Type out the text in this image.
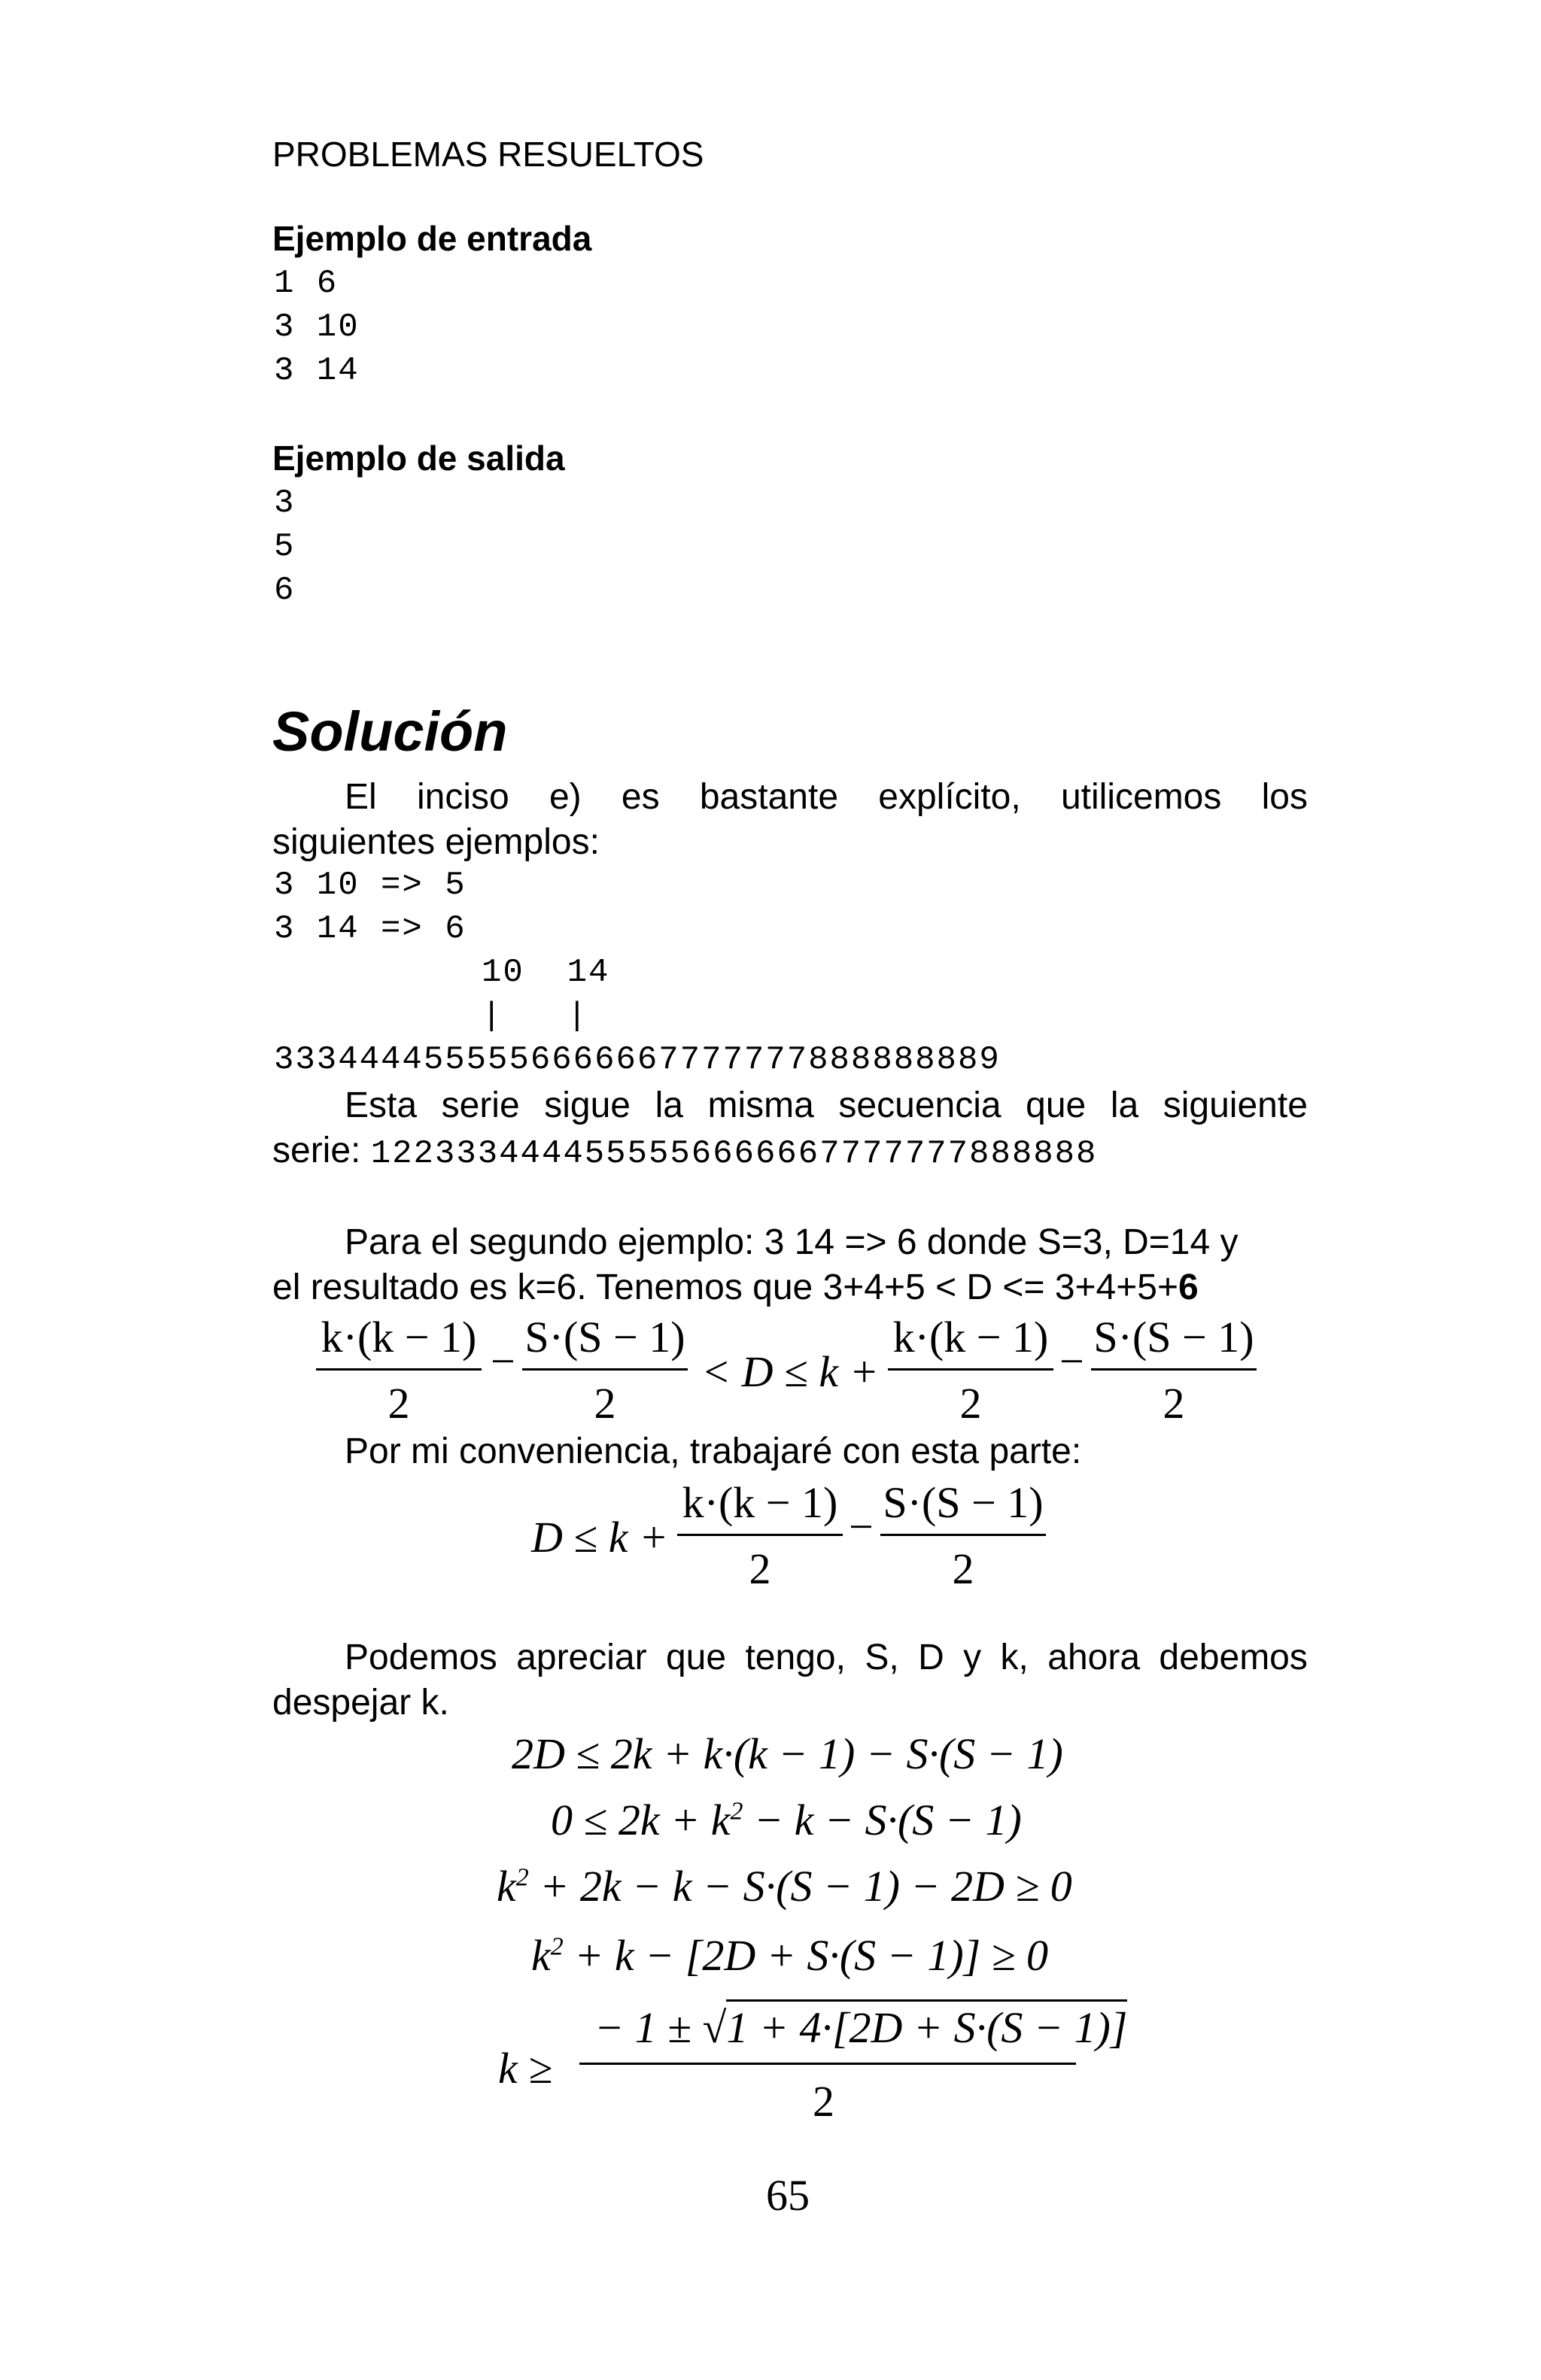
PROBLEMAS RESUELTOS
Ejemplo de entrada
1 6
3 10
3 14
Ejemplo de salida
3
5
6
Solución
El inciso e) es bastante explícito, utilicemos los
siguientes ejemplos:
3 10 => 5
3 14 => 6
10  14
|   |
3334444555556666667777777888888889
Esta serie sigue la misma secuencia que la siguiente
serie: 1223334444555556666667777777888888
Para el segundo ejemplo: 3 14 => 6 donde S=3, D=14 y
el resultado es k=6. Tenemos que 3+4+5 < D <= 3+4+5+6
k·(k − 1)
2
− S·(S − 1)
2
< D ≤ k +
k·(k − 1)
2
− S·(S − 1)
2
Por mi conveniencia, trabajaré con esta parte:
D ≤ k +
k·(k − 1)
2
− S·(S − 1)
2
Podemos apreciar que tengo, S, D y k, ahora debemos
despejar k.
2D ≤ 2k + k·(k − 1) − S·(S − 1)
$0 \le 2k + k^2 - k - S\cdot(S - 1)$
$k^2 + 2k - k - S\cdot(S - 1) - 2D \ge 0$
$k^2 + k - [2D + S\cdot(S - 1)] \ge 0$
k ≥
− 1 ± √1 + 4·[2D + S·(S − 1)]
2
65
